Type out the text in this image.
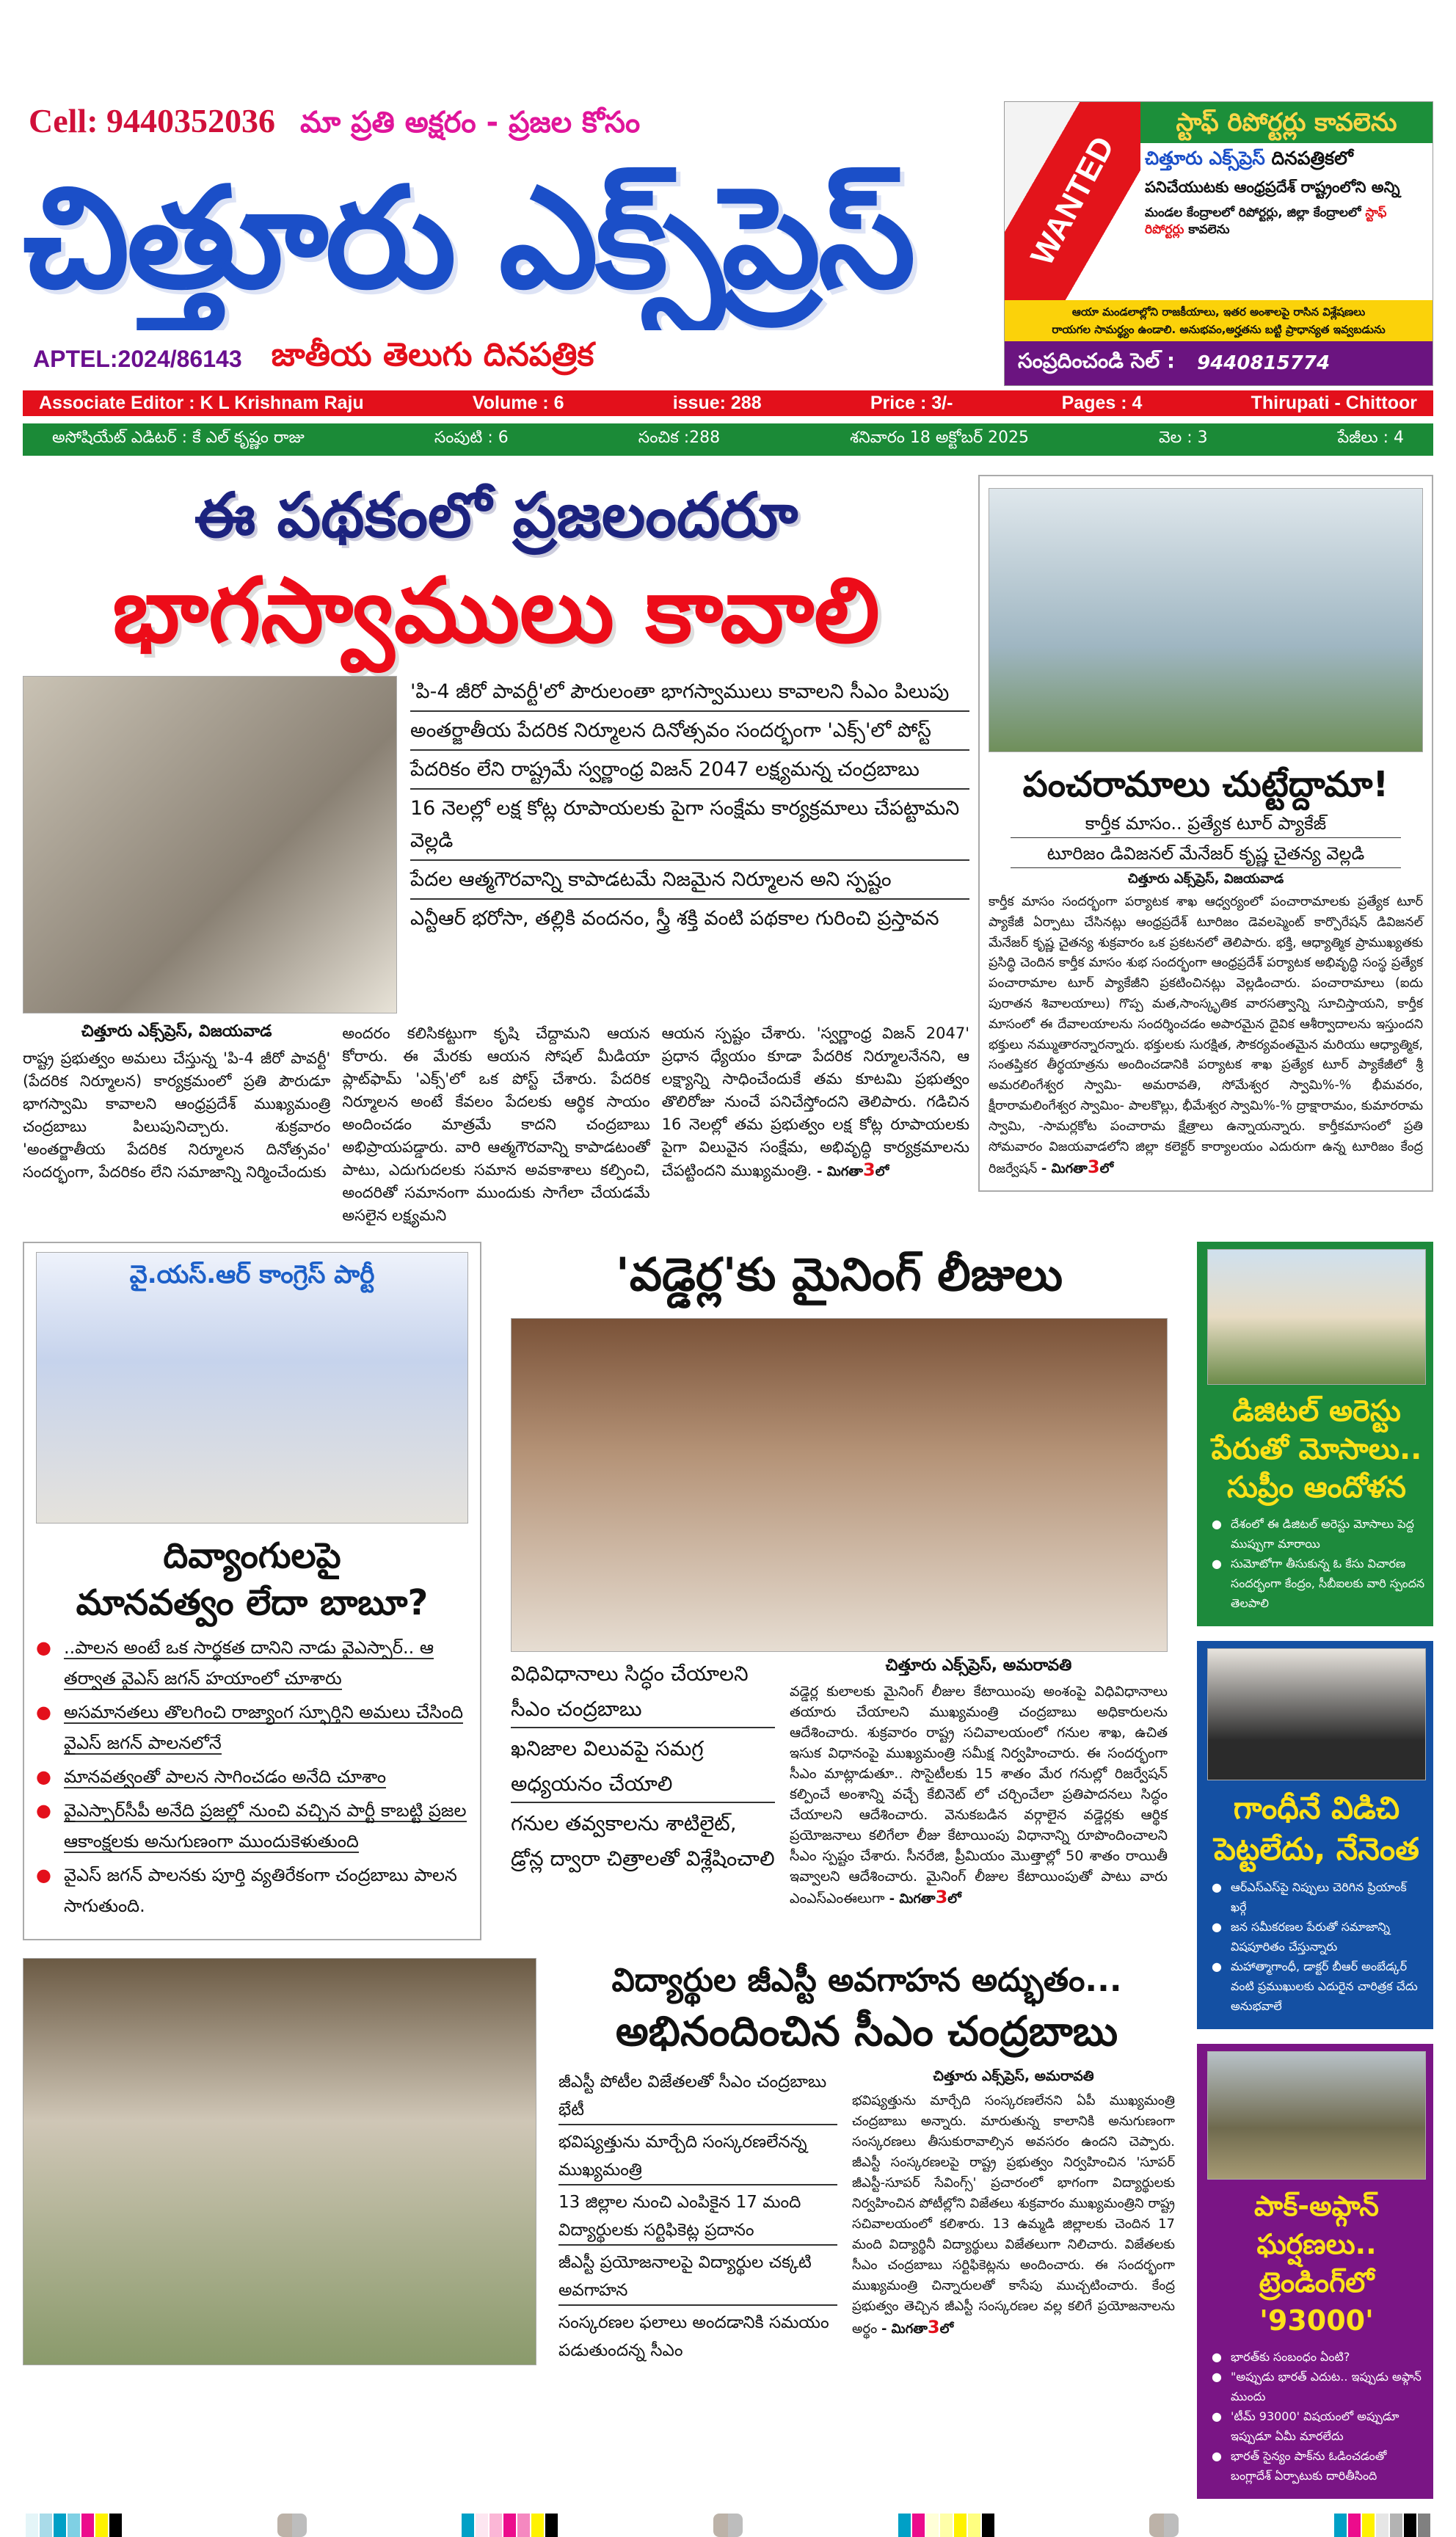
Cell: 9440352036 మా ప్రతి అక్షరం - ప్రజల కోసం
చిత్తూరు ఎక్స్‌ప్రెస్
APTEL:2024/86143 జాతీయ తెలుగు దినపత్రిక
WANTED
స్టాఫ్ రిపోర్టర్లు కావలెను
చిత్తూరు ఎక్స్‌ప్రెస్ దినపత్రికలో
పనిచేయుటకు ఆంధ్రప్రదేశ్ రాష్ట్రంలోని అన్ని
మండల కేంద్రాలలో రిపోర్టర్లు, జిల్లా కేంద్రాలలో స్టాఫ్ రిపోర్టర్లు కావలెను
ఆయా మండలాల్లోని రాజకీయాలు, ఇతర అంశాలపై రాసిన విశ్లేషణలు
రాయగల సామర్థ్యం ఉండాలి. అనుభవం,అర్హతను బట్టి ప్రాధాన్యత ఇవ్వబడును
సంప్రదించండి సెల్ : 9440815774
Associate Editor : K L Krishnam Raju	Volume : 6	issue: 288	Price : 3/-	Pages : 4	Thirupati - Chittoor
అసోషియేట్ ఎడిటర్ : కే ఎల్ కృష్ణం రాజు	సంపుటి : 6	సంచిక :288	శనివారం 18 అక్టోబర్ 2025	వెల : 3	పేజీలు : 4
ఈ పథకంలో ప్రజలందరూ
భాగస్వాములు కావాలి
'పి-4 జీరో పావర్టీ'లో పౌరులంతా భాగస్వాములు కావాలని సీఎం పిలుపు
అంతర్జాతీయ పేదరిక నిర్మూలన దినోత్సవం సందర్భంగా 'ఎక్స్'లో పోస్ట్
పేదరికం లేని రాష్ట్రమే స్వర్ణాంధ్ర విజన్ 2047 లక్ష్యమన్న చంద్రబాబు
16 నెలల్లో లక్ష కోట్ల రూపాయలకు పైగా సంక్షేమ కార్యక్రమాలు చేపట్టామని వెల్లడి
పేదల ఆత్మగౌరవాన్ని కాపాడటమే నిజమైన నిర్మూలన అని స్పష్టం
ఎన్టీఆర్ భరోసా, తల్లికి వందనం, స్త్రీ శక్తి వంటి పథకాల గురించి ప్రస్తావన
చిత్తూరు ఎక్స్‌ప్రెస్, విజయవాడ

రాష్ట్ర ప్రభుత్వం అమలు చేస్తున్న 'పి-4 జీరో పావర్టీ' (పేదరిక నిర్మూలన) కార్యక్రమంలో ప్రతి పౌరుడూ భాగస్వామి కావాలని ఆంధ్రప్రదేశ్ ముఖ్యమంత్రి చంద్రబాబు పిలుపునిచ్చారు. శుక్రవారం 'అంతర్జాతీయ పేదరిక నిర్మూలన దినోత్సవం' సందర్భంగా, పేదరికం లేని సమాజాన్ని నిర్మించేందుకు

అందరం కలిసికట్టుగా కృషి చేద్దామని ఆయన కోరారు. ఈ మేరకు ఆయన సోషల్ మీడియా ప్లాట్‌ఫామ్ 'ఎక్స్'లో ఒక పోస్ట్ చేశారు. పేదరిక నిర్మూలన అంటే కేవలం పేదలకు ఆర్థిక సాయం అందించడం మాత్రమే కాదని చంద్రబాబు అభిప్రాయపడ్డారు. వారి ఆత్మగౌరవాన్ని కాపాడటంతో పాటు, ఎదుగుదలకు సమాన అవకాశాలు కల్పించి, అందరితో సమానంగా ముందుకు సాగేలా చేయడమే అసలైన లక్ష్యమని

ఆయన స్పష్టం చేశారు. 'స్వర్ణాంధ్ర విజన్ 2047' ప్రధాన ధ్యేయం కూడా పేదరిక నిర్మూలనేనని, ఆ లక్ష్యాన్ని సాధించేందుకే తమ కూటమి ప్రభుత్వం తొలిరోజు నుంచే పనిచేస్తోందని తెలిపారు. గడిచిన 16 నెలల్లో తమ ప్రభుత్వం లక్ష కోట్ల రూపాయలకు పైగా విలువైన సంక్షేమ, అభివృద్ధి కార్యక్రమాలను చేపట్టిందని ముఖ్యమంత్రి. - మిగతా3లో

పంచరామాలు చుట్టేద్దామా!
కార్తీక మాసం.. ప్రత్యేక టూర్ ప్యాకేజ్
టూరిజం డివిజనల్ మేనేజర్ కృష్ణ చైతన్య వెల్లడి
చిత్తూరు ఎక్స్‌ప్రెస్, విజయవాడ

కార్తీక మాసం సందర్భంగా పర్యాటక శాఖ ఆధ్వర్యంలో పంచారామాలకు ప్రత్యేక టూర్ ప్యాకేజీ ఏర్పాటు చేసినట్లు ఆంధ్రప్రదేశ్ టూరిజం డెవలప్మెంట్ కార్పొరేషన్ డివిజనల్ మేనేజర్ కృష్ణ చైతన్య శుక్రవారం ఒక ప్రకటనలో తెలిపారు. భక్తి, ఆధ్యాత్మిక ప్రాముఖ్యతకు ప్రసిద్ధి చెందిన కార్తీక మాసం శుభ సందర్భంగా ఆంధ్రప్రదేశ్ పర్యాటక అభివృద్ధి సంస్థ ప్రత్యేక పంచారామాల టూర్ ప్యాకేజీని ప్రకటించినట్లు వెల్లడించారు. పంచారామాలు (ఐదు పురాతన శివాలయాలు) గొప్ప మత,సాంస్కృతిక వారసత్వాన్ని సూచిస్తాయని, కార్తీక మాసంలో ఈ దేవాలయాలను సందర్శించడం అపారమైన దైవిక ఆశీర్వాదాలను ఇస్తుందని భక్తులు నమ్ముతారన్నారన్నారు. భక్తులకు సురక్షిత, సౌకర్యవంతమైన మరియు ఆధ్యాత్మిక, సంతప్తికర తీర్థయాత్రను అందించడానికి పర్యాటక శాఖ ప్రత్యేక టూర్ ప్యాకేజీలో శ్రీ అమరలింగేశ్వర స్వామి- అమరావతి, సోమేశ్వర స్వామి%-% భీమవరం, క్షీరారామలింగేశ్వర స్వామిం- పాలకొల్లు, భీమేశ్వర స్వామి%-% ద్రాక్షారామం, కుమారరామ స్వామి, -సామర్లకోట పంచారామ క్షేత్రాలు ఉన్నాయన్నారు. కార్తీకమాసంలో ప్రతి సోమవారం విజయవాడలోని జిల్లా కలెక్టర్ కార్యాలయం ఎదురుగా ఉన్న టూరిజం కేంద్ర రిజర్వేషన్ - మిగతా3లో

వై.యస్.ఆర్ కాంగ్రెస్ పార్టీ
దివ్యాంగులపై
మానవత్వం లేదా బాబూ?
● ..పాలన అంటే ఒక సార్థకత దానిని నాడు వైఎస్సార్.. ఆ తర్వాత వైఎస్ జగన్ హయాంలో చూశారు
● అసమానతలు తొలగించి రాజ్యాంగ స్ఫూర్తిని అమలు చేసింది వైఎస్ జగన్ పాలనలోనే
● మానవత్వంతో పాలన సాగించడం అనేది చూశాం
● వైఎస్సార్‌సీపీ అనేది ప్రజల్లో నుంచి వచ్చిన పార్టీ కాబట్టి ప్రజల ఆకాంక్షలకు అనుగుణంగా ముందుకెళుతుంది
● వైఎస్ జగన్ పాలనకు పూర్తి వ్యతిరేకంగా చంద్రబాబు పాలన సాగుతుంది.
'వడ్డెర్ల'కు మైనింగ్ లీజులు
విధివిధానాలు సిద్ధం చేయాలని సీఎం చంద్రబాబు
ఖనిజాల విలువపై సమగ్ర అధ్యయనం చేయాలి
గనుల తవ్వకాలను శాటిలైట్, డ్రోన్ల ద్వారా చిత్రాలతో విశ్లేషించాలి
చిత్తూరు ఎక్స్‌ప్రెస్, అమరావతి

వడ్డెర్ల కులాలకు మైనింగ్ లీజుల కేటాయింపు అంశంపై విధివిధానాలు తయారు చేయాలని ముఖ్యమంత్రి చంద్రబాబు అధికారులను ఆదేశించారు. శుక్రవారం రాష్ట్ర సచివాలయంలో గనుల శాఖ, ఉచిత ఇసుక విధానంపై ముఖ్యమంత్రి సమీక్ష నిర్వహించారు. ఈ సందర్భంగా సీఎం మాట్లాడుతూ.. సొసైటీలకు 15 శాతం మేర గనుల్లో రిజర్వేషన్ కల్పించే అంశాన్ని వచ్చే కేబినెట్ లో చర్చించేలా ప్రతిపాదనలు సిద్ధం చేయాలని ఆదేశించారు. వెనుకబడిన వర్గాలైన వడ్డెర్లకు ఆర్థిక ప్రయోజనాలు కలిగేలా లీజు కేటాయింపు విధానాన్ని రూపొందించాలని సీఎం స్పష్టం చేశారు. సీనరేజి, ప్రీమియం మొత్తాల్లో 50 శాతం రాయితీ ఇవ్వాలని ఆదేశించారు. మైనింగ్ లీజుల కేటాయింపుతో పాటు వారు ఎంఎస్ఎంఈలుగా - మిగతా3లో

విద్యార్థుల జీఎస్టీ అవగాహన అద్భుతం...
అభినందించిన సీఎం చంద్రబాబు
జీఎస్టీ పోటీల విజేతలతో సీఎం చంద్రబాబు భేటీ
భవిష్యత్తును మార్చేది సంస్కరణలేనన్న ముఖ్యమంత్రి
13 జిల్లాల నుంచి ఎంపికైన 17 మంది విద్యార్థులకు సర్టిఫికెట్ల ప్రదానం
జీఎస్టీ ప్రయోజనాలపై విద్యార్థుల చక్కటి అవగాహన
సంస్కరణల ఫలాలు అందడానికి సమయం పడుతుందన్న సీఎం
చిత్తూరు ఎక్స్‌ప్రెస్, అమరావతి

భవిష్యత్తును మార్చేది సంస్కరణలేనని ఏపీ ముఖ్యమంత్రి చంద్రబాబు అన్నారు. మారుతున్న కాలానికి అనుగుణంగా సంస్కరణలు తీసుకురావాల్సిన అవసరం ఉందని చెప్పారు. జీఎస్టీ సంస్కరణలపై రాష్ట్ర ప్రభుత్వం నిర్వహించిన 'సూపర్ జీఎస్టీ-సూపర్ సేవింగ్స్' ప్రచారంలో భాగంగా విద్యార్థులకు నిర్వహించిన పోటీల్లోని విజేతలు శుక్రవారం ముఖ్యమంత్రిని రాష్ట్ర సచివాలయంలో కలిశారు. 13 ఉమ్మడి జిల్లాలకు చెందిన 17 మంది విద్యార్థినీ విద్యార్థులు విజేతలుగా నిలిచారు. విజేతలకు సీఎం చంద్రబాబు సర్టిఫికెట్లను అందించారు. ఈ సందర్భంగా ముఖ్యమంత్రి చిన్నారులతో కాసేపు ముచ్చటించారు. కేంద్ర ప్రభుత్వం తెచ్చిన జీఎస్టీ సంస్కరణల వల్ల కలిగే ప్రయోజనాలను అర్థం - మిగతా3లో

డిజిటల్ అరెస్టు పేరుతో మోసాలు.. సుప్రీం ఆందోళన
● దేశంలో ఈ డిజిటల్ అరెస్టు మోసాలు పెద్ద ముప్పుగా మారాయి
● సుమోటోగా తీసుకున్న ఓ కేసు విచారణ సందర్భంగా కేంద్రం, సీబీఐలకు వారి స్పందన తెలపాలి
గాంధీనే విడిచి పెట్టలేదు, నేనెంత
● ఆర్ఎస్ఎస్‌పై నిప్పులు చెరిగిన ప్రియాంక్ ఖర్గే
● జన సమీకరణల పేరుతో సమాజాన్ని విషపూరితం చేస్తున్నారు
● మహాత్మాగాంధీ, డాక్టర్ బీఆర్ అంబేడ్కర్ వంటి ప్రముఖులకు ఎదురైన చారిత్రక చేదు అనుభవాలే
పాక్-అఫ్గాన్ ఘర్షణలు.. ట్రెండింగ్‌లో '93000'
● భారత్‌కు సంబంధం ఏంటి?
● "అప్పుడు భారత్ ఎదుట.. ఇప్పుడు అఫ్గాన్ ముందు
● 'టీమ్ 93000' విషయంలో అప్పుడూ ఇప్పుడూ ఏమీ మారలేదు
● భారత్ సైన్యం పాక్‌ను ఓడించడంతో బంగ్లాదేశ్ ఏర్పాటుకు దారితీసింది
